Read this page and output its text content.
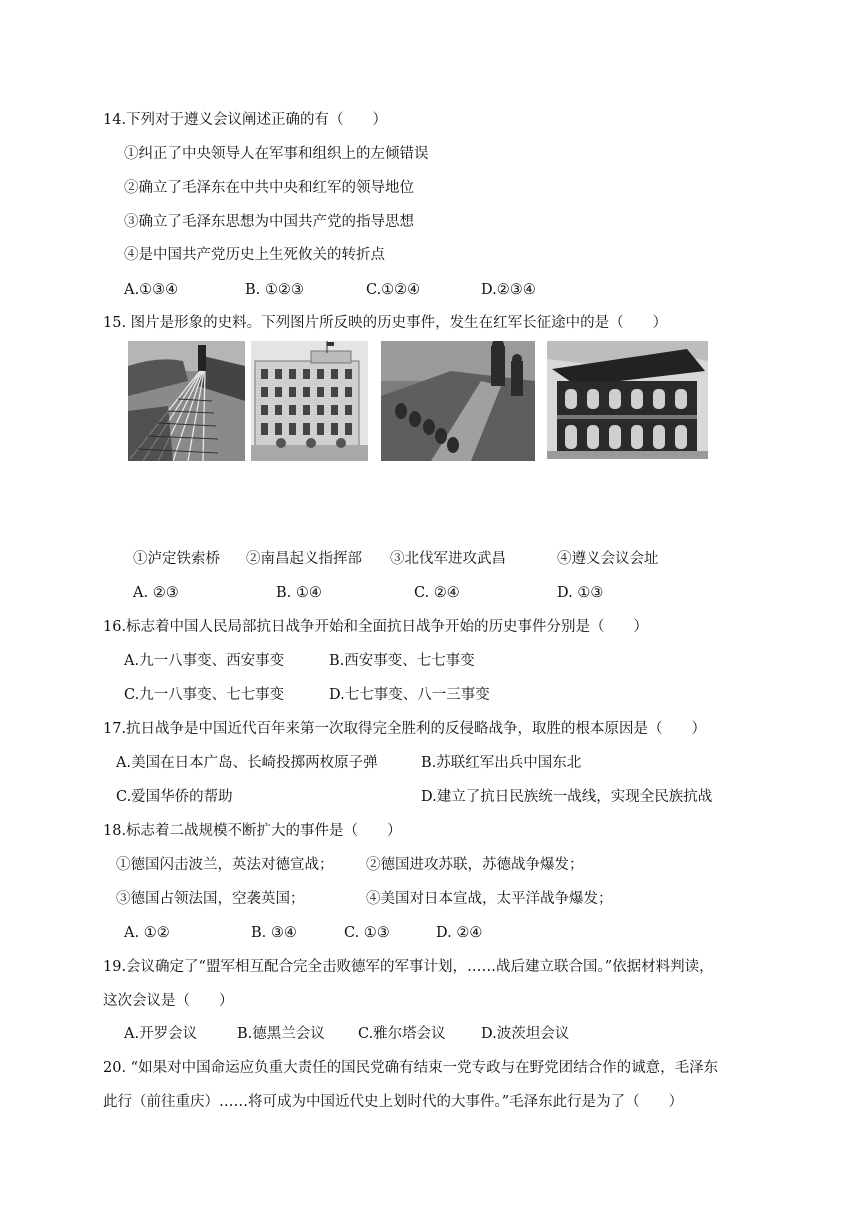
14.下列对于遵义会议阐述正确的有（　　）
①纠正了中央领导人在军事和组织上的左倾错误
②确立了毛泽东在中共中央和红军的领导地位
③确立了毛泽东思想为中国共产党的指导思想
④是中国共产党历史上生死攸关的转折点
A.①③④	B. ①②③	C.①②④	D.②③④
15. 图片是形象的史料。下列图片所反映的历史事件，发生在红军长征途中的是（　　）
①泸定铁索桥 ②南昌起义指挥部 ③北伐军进攻武昌	④遵义会议会址
A. ②③	B. ①④	C. ②④	D. ①③
16.标志着中国人民局部抗日战争开始和全面抗日战争开始的历史事件分别是（　　）
A.九一八事变、西安事变	B.西安事变、七七事变
C.九一八事变、七七事变	D.七七事变、八一三事变
17.抗日战争是中国近代百年来第一次取得完全胜利的反侵略战争，取胜的根本原因是（　　）
A.美国在日本广岛、长崎投掷两枚原子弹	B.苏联红军出兵中国东北
C.爱国华侨的帮助	D.建立了抗日民族统一战线，实现全民族抗战
18.标志着二战规模不断扩大的事件是（　　）
①德国闪击波兰，英法对德宣战； ②德国进攻苏联，苏德战争爆发；
③德国占领法国，空袭英国；	④美国对日本宣战，太平洋战争爆发；
A. ①②	B. ③④	C. ①③	D. ②④
19.会议确定了“盟军相互配合完全击败德军的军事计划，……战后建立联合国。”依据材料判读，
这次会议是（　　）
A.开罗会议	B.德黑兰会议 C.雅尔塔会议 D.波茨坦会议
20. “如果对中国命运应负重大责任的国民党确有结束一党专政与在野党团结合作的诚意，毛泽东
此行（前往重庆）……将可成为中国近代史上划时代的大事件。”毛泽东此行是为了（　　）
